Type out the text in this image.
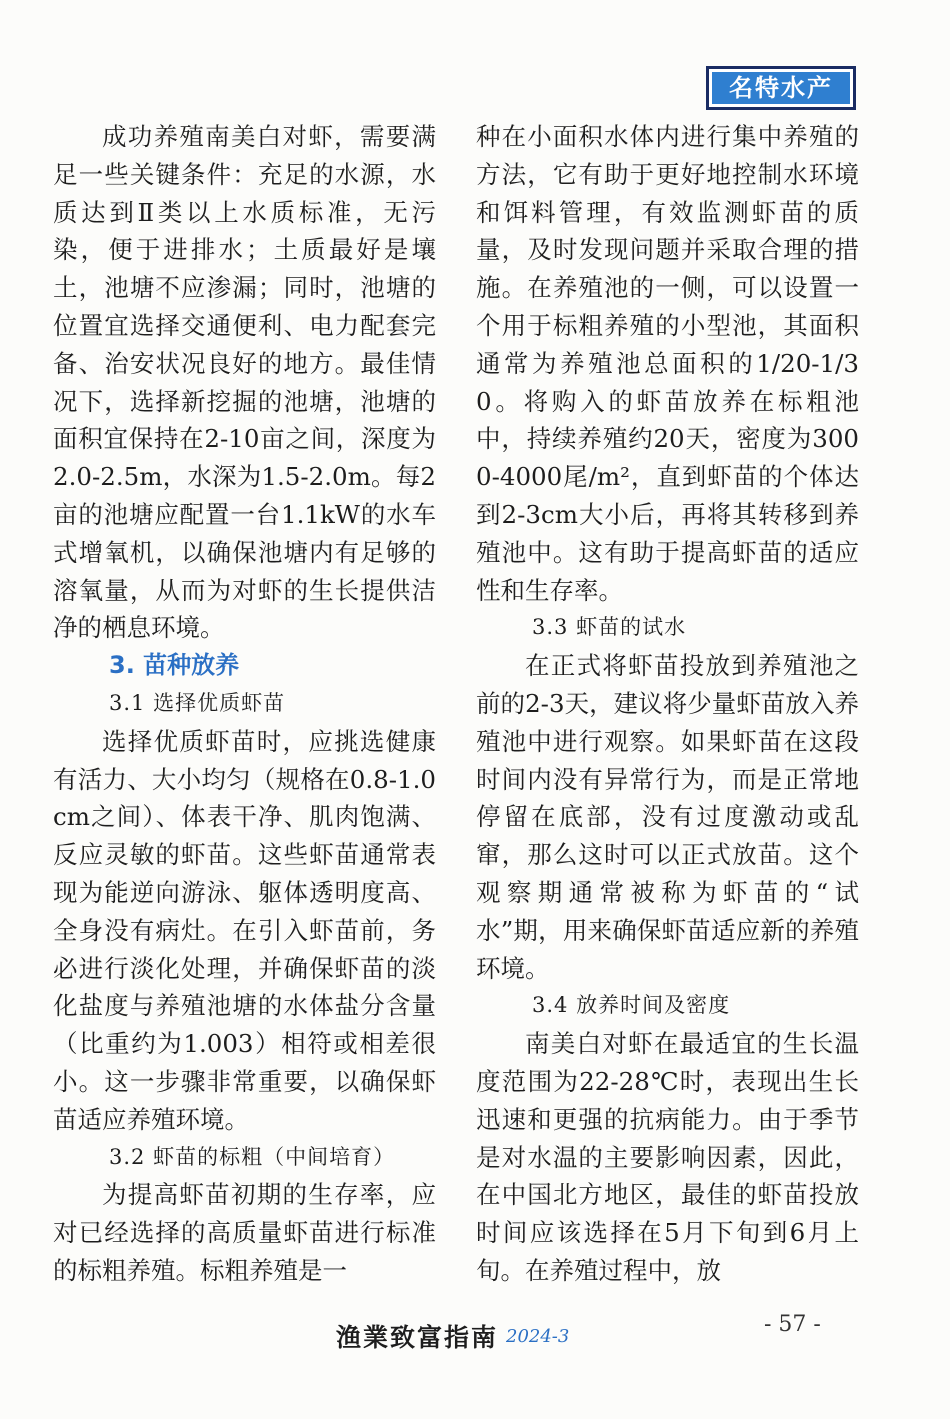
名特水产

成功养殖南美白对虾，需要满足一些关键条件：充足的水源，水质达到Ⅱ类以上水质标准，无污染，便于进排水；土质最好是壤土，池塘不应渗漏；同时，池塘的位置宜选择交通便利、电力配套完备、治安状况良好的地方。最佳情况下，选择新挖掘的池塘，池塘的面积宜保持在2-10亩之间，深度为2.0-2.5m，水深为1.5-2.0m。每2亩的池塘应配置一台1.1kW的水车式增氧机，以确保池塘内有足够的溶氧量，从而为对虾的生长提供洁净的栖息环境。

3. 苗种放养
3.1 选择优质虾苗

选择优质虾苗时，应挑选健康有活力、大小均匀（规格在0.8-1.0cm之间）、体表干净、肌肉饱满、反应灵敏的虾苗。这些虾苗通常表现为能逆向游泳、躯体透明度高、全身没有病灶。在引入虾苗前，务必进行淡化处理，并确保虾苗的淡化盐度与养殖池塘的水体盐分含量（比重约为1.003）相符或相差很小。这一步骤非常重要，以确保虾苗适应养殖环境。

3.2 虾苗的标粗（中间培育）

为提高虾苗初期的生存率，应对已经选择的高质量虾苗进行标准的标粗养殖。标粗养殖是一

种在小面积水体内进行集中养殖的方法，它有助于更好地控制水环境和饵料管理，有效监测虾苗的质量，及时发现问题并采取合理的措施。在养殖池的一侧，可以设置一个用于标粗养殖的小型池，其面积通常为养殖池总面积的1/20-1/30。将购入的虾苗放养在标粗池中，持续养殖约20天，密度为3000-4000尾/m²，直到虾苗的个体达到2-3cm大小后，再将其转移到养殖池中。这有助于提高虾苗的适应性和生存率。

3.3 虾苗的试水

在正式将虾苗投放到养殖池之前的2-3天，建议将少量虾苗放入养殖池中进行观察。如果虾苗在这段时间内没有异常行为，而是正常地停留在底部，没有过度激动或乱窜，那么这时可以正式放苗。这个观察期通常被称为虾苗的“试水”期，用来确保虾苗适应新的养殖环境。

3.4 放养时间及密度

南美白对虾在最适宜的生长温度范围为22-28℃时，表现出生长迅速和更强的抗病能力。由于季节是对水温的主要影响因素，因此，在中国北方地区，最佳的虾苗投放时间应该选择在5月下旬到6月上旬。在养殖过程中，放

渔業致富指南 2024-3	- 57 -
